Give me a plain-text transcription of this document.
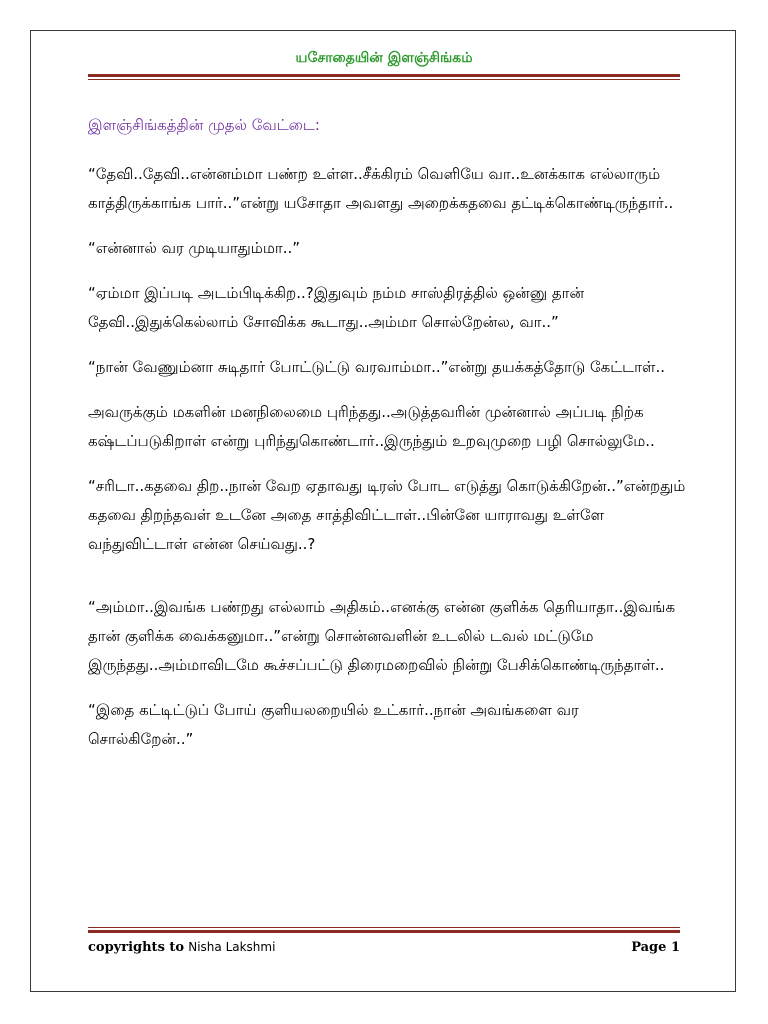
யசோதையின் இளஞ்சிங்கம்
இளஞ்சிங்கத்தின் முதல் வேட்டை:

“தேவி..தேவி..என்னம்மா பண்ற உள்ள..சீக்கிரம் வெளியே வா..உனக்காக எல்லாரும் காத்திருக்காங்க பார்..”என்று யசோதா அவளது அறைக்கதவை தட்டிக்கொண்டிருந்தார்..

“என்னால் வர முடியாதும்மா..”

“ஏம்மா இப்படி அடம்பிடிக்கிற..?இதுவும் நம்ம சாஸ்திரத்தில் ஒன்னு தான் தேவி..இதுக்கெல்லாம் சோவிக்க கூடாது..அம்மா சொல்றேன்ல, வா..”

“நான் வேணும்னா சுடிதார் போட்டுட்டு வரவாம்மா..”என்று தயக்கத்தோடு கேட்டாள்..

அவருக்கும் மகளின் மனநிலைமை புரிந்தது..அடுத்தவரின் முன்னால் அப்படி நிற்க கஷ்டப்படுகிறாள் என்று புரிந்துகொண்டார்..இருந்தும் உறவுமுறை பழி சொல்லுமே..

“சரிடா..கதவை திற..நான் வேற ஏதாவது டிரஸ் போட எடுத்து கொடுக்கிறேன்..”என்றதும் கதவை திறந்தவள் உடனே அதை சாத்திவிட்டாள்..பின்னே யாராவது உள்ளே வந்துவிட்டாள் என்ன செய்வது..?

“அம்மா..இவங்க பண்றது எல்லாம் அதிகம்..எனக்கு என்ன குளிக்க தெரியாதா..இவங்க தான் குளிக்க வைக்கனுமா..”என்று சொன்னவளின் உடலில் டவல் மட்டுமே இருந்தது..அம்மாவிடமே கூச்சப்பட்டு திரைமறைவில் நின்று பேசிக்கொண்டிருந்தாள்..

“இதை கட்டிட்டுப் போய் குளியலறையில் உட்கார்..நான் அவங்களை வர சொல்கிறேன்..”

copyrights to Nisha Lakshmi	Page 1
